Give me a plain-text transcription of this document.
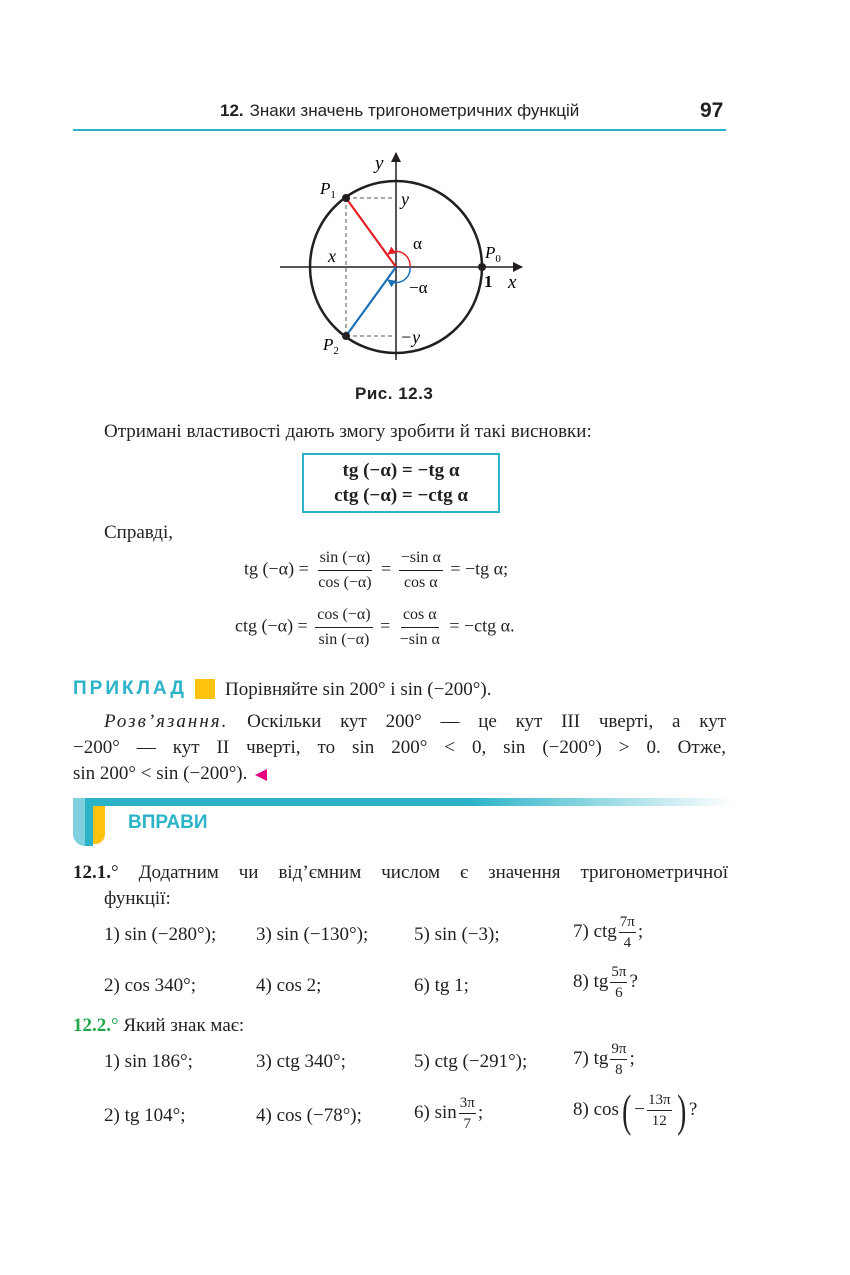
12. Знаки значень тригонометричних функцій	97
y
x
$P_1$
$P_2$
$P_0$
y
−y
x
α
−α	1
Рис. 12.3
Отримані властивості дають змогу зробити й такі висновки:
tg (−α) = −tg α
ctg (−α) = −ctg α
Справді,
tg $(-\alpha) = \frac{\sin (-\alpha)}{\cos (-\alpha)} = \frac{\text{−sin α}}{\text{cos α}} = -tg$ α;
ctg $(-\alpha) = \frac{\cos (-\alpha)}{\sin (-\alpha)} = \frac{\text{cos α}}{\text{−sin α}} = -ctg$ α.
ПРИКЛАД Порівняйте sin 200° і sin (−200°).
Розв’язання. Оскільки кут 200° — це кут III чверті, а кут
−200° — кут II чверті, то sin 200° < 0, sin (−200°) > 0. Отже,
sin 200° < sin (−200°).
ВПРАВИ
12.1.° Додатним чи від’ємним числом є значення тригонометричної
функції:
1) sin (−280°); 3) sin (−130°); 5) sin (−3);	7) ctg $\frac{7\pi}{4}$ ;
2) cos 340°;	4) cos 2;	6) tg 1;	8) tg $\frac{5\pi}{6}$ ?
12.2.° Який знак має:
1) sin 186°;	3) ctg 340°;	5) ctg (−291°); 7) tg $\frac{9\pi}{8}$ ;
2) tg 104°;	4) cos (−78°);	6) $\sin \frac{3\pi}{7}$ ;	8) $\cos( - \frac{13\pi}{12}$ ) ?
